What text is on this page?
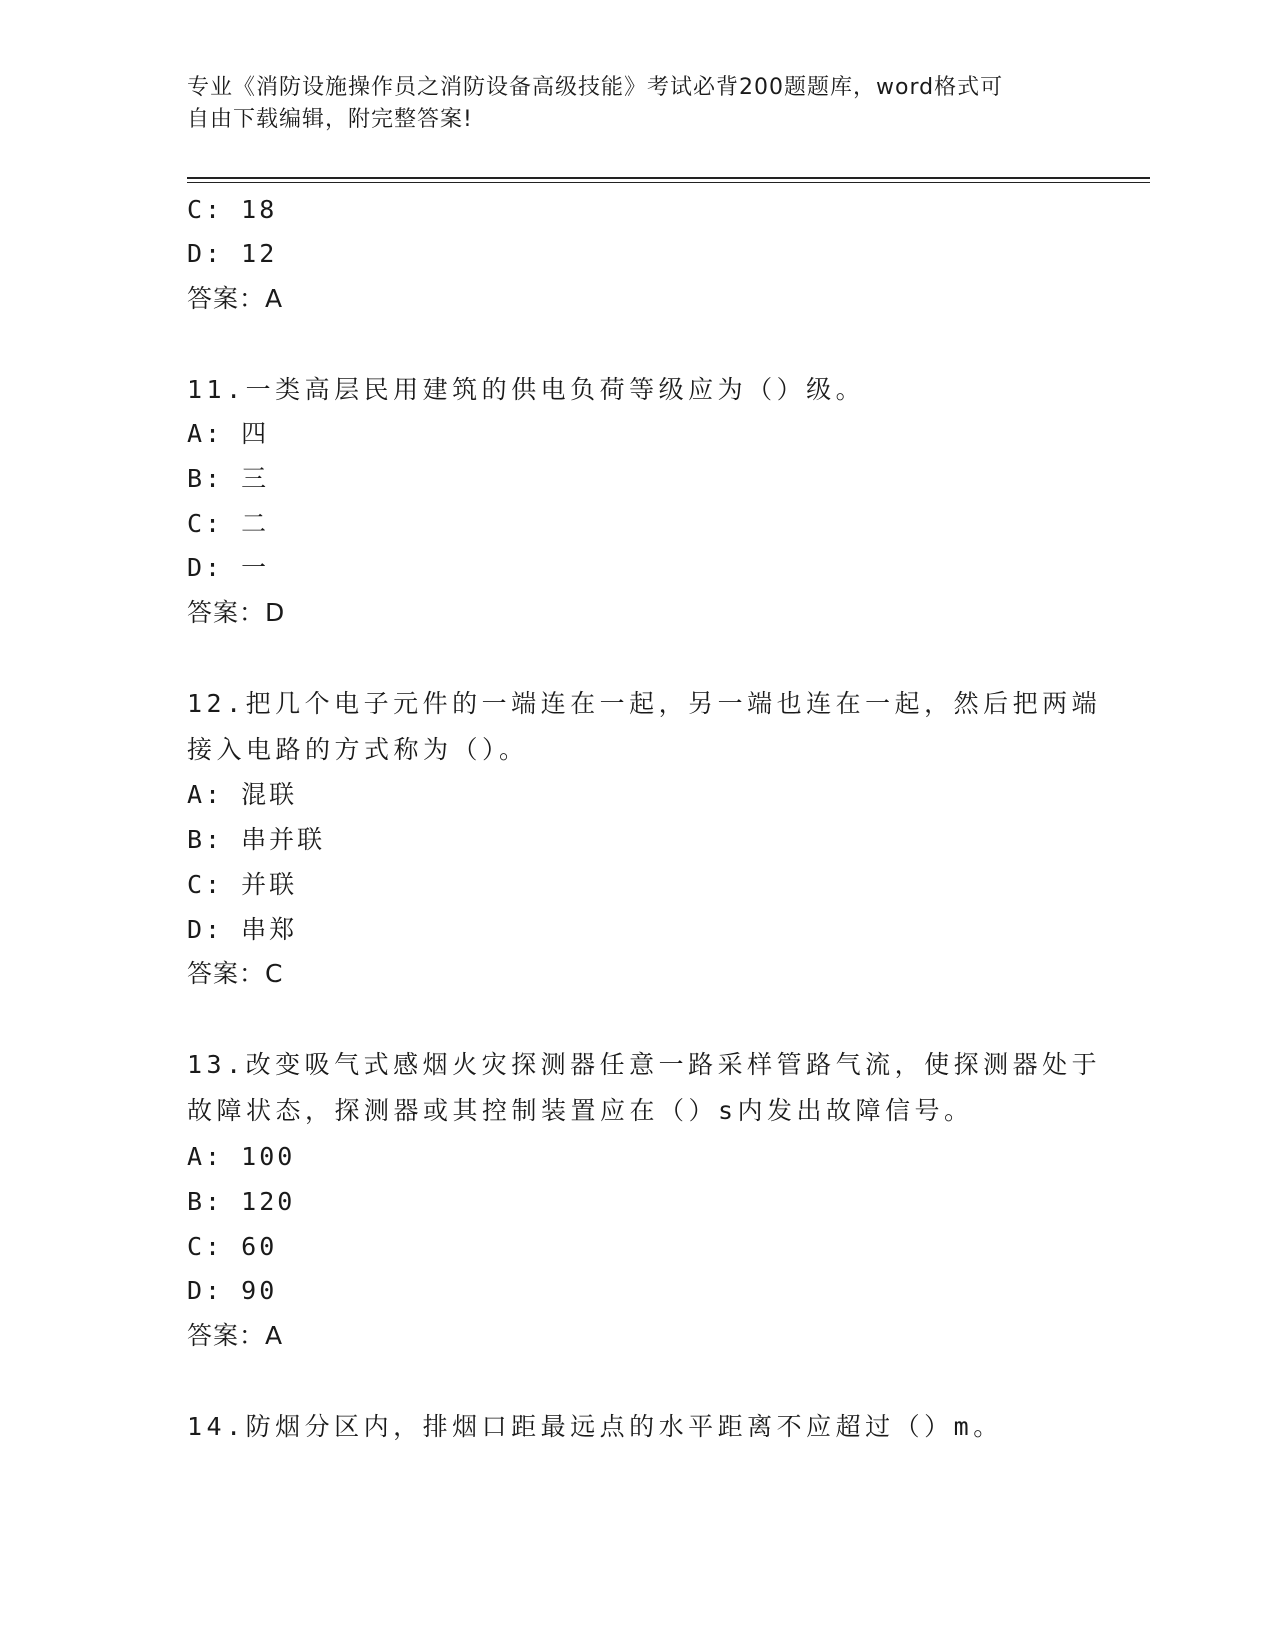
专业《消防设施操作员之消防设备高级技能》考试必背200题题库，word格式可
自由下载编辑，附完整答案!
C: 18
D: 12
答案：A
11.一类高层民用建筑的供电负荷等级应为（）级。
A: 四
B: 三
C: 二
D: 一
答案：D
12.把几个电子元件的一端连在一起，另一端也连在一起，然后把两端
接入电路的方式称为（）。
A: 混联
B: 串并联
C: 并联
D: 串郑
答案：C
13.改变吸气式感烟火灾探测器任意一路采样管路气流，使探测器处于
故障状态，探测器或其控制装置应在（）s内发出故障信号。
A: 100
B: 120
C: 60
D: 90
答案：A
14.防烟分区内，排烟口距最远点的水平距离不应超过（）m。
